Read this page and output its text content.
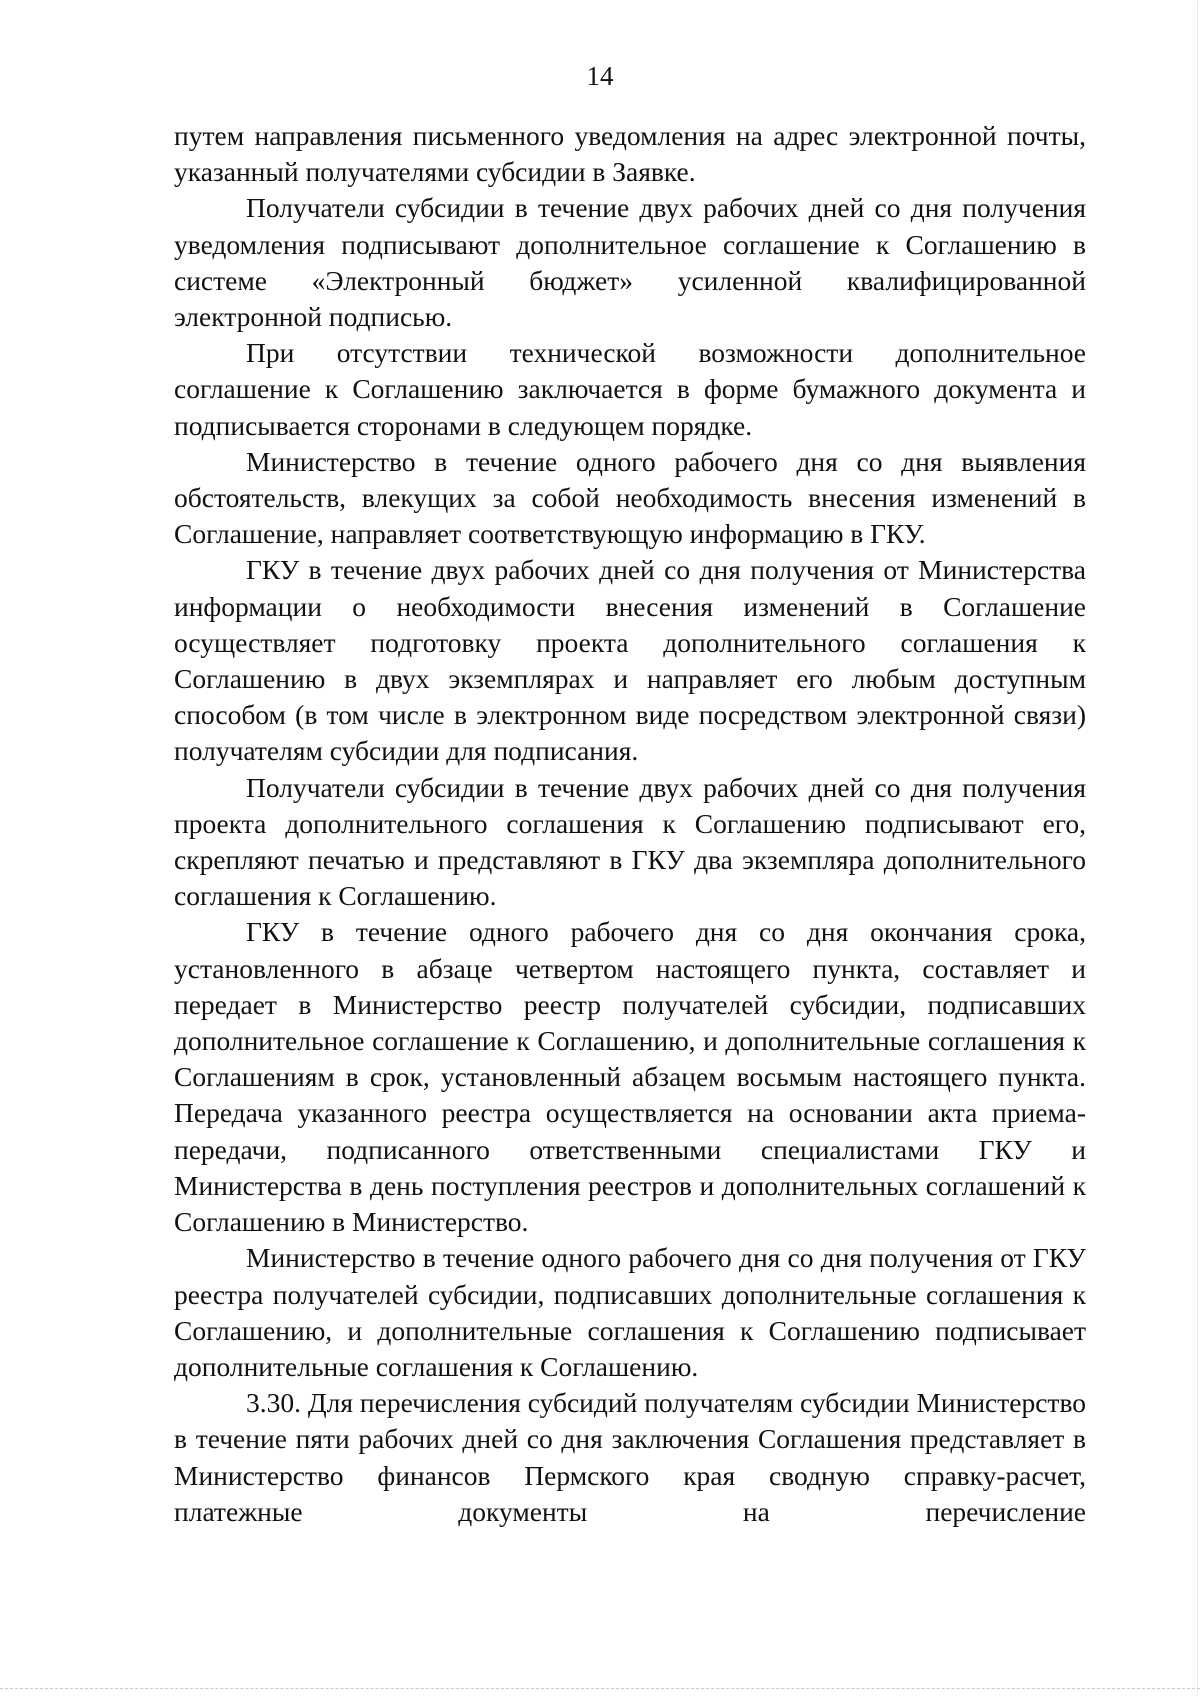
14

путем направления письменного уведомления на адрес электронной почты, указанный получателями субсидии в Заявке.

Получатели субсидии в течение двух рабочих дней со дня получения уведомления подписывают дополнительное соглашение к Соглашению в системе «Электронный бюджет» усиленной квалифицированной электронной подписью.

При отсутствии технической возможности дополнительное соглашение к Соглашению заключается в форме бумажного документа и подписывается сторонами в следующем порядке.

Министерство в течение одного рабочего дня со дня выявления обстоятельств, влекущих за собой необходимость внесения изменений в Соглашение, направляет соответствующую информацию в ГКУ.

ГКУ в течение двух рабочих дней со дня получения от Министерства информации о необходимости внесения изменений в Соглашение осуществляет подготовку проекта дополнительного соглашения к Соглашению в двух экземплярах и направляет его любым доступным способом (в том числе в электронном виде посредством электронной связи) получателям субсидии для подписания.

Получатели субсидии в течение двух рабочих дней со дня получения проекта дополнительного соглашения к Соглашению подписывают его, скрепляют печатью и представляют в ГКУ два экземпляра дополнительного соглашения к Соглашению.

ГКУ в течение одного рабочего дня со дня окончания срока, установленного в абзаце четвертом настоящего пункта, составляет и передает в Министерство реестр получателей субсидии, подписавших дополнительное соглашение к Соглашению, и дополнительные соглашения к Соглашениям в срок, установленный абзацем восьмым настоящего пункта. Передача указанного реестра осуществляется на основании акта приема-передачи, подписанного ответственными специалистами ГКУ и Министерства в день поступления реестров и дополнительных соглашений к Соглашению в Министерство.

Министерство в течение одного рабочего дня со дня получения от ГКУ реестра получателей субсидии, подписавших дополнительные соглашения к Соглашению, и дополнительные соглашения к Соглашению подписывает дополнительные соглашения к Соглашению.

3.30. Для перечисления субсидий получателям субсидии Министерство в течение пяти рабочих дней со дня заключения Соглашения представляет в Министерство финансов Пермского края сводную справку-расчет, платежные документы на перечисление
